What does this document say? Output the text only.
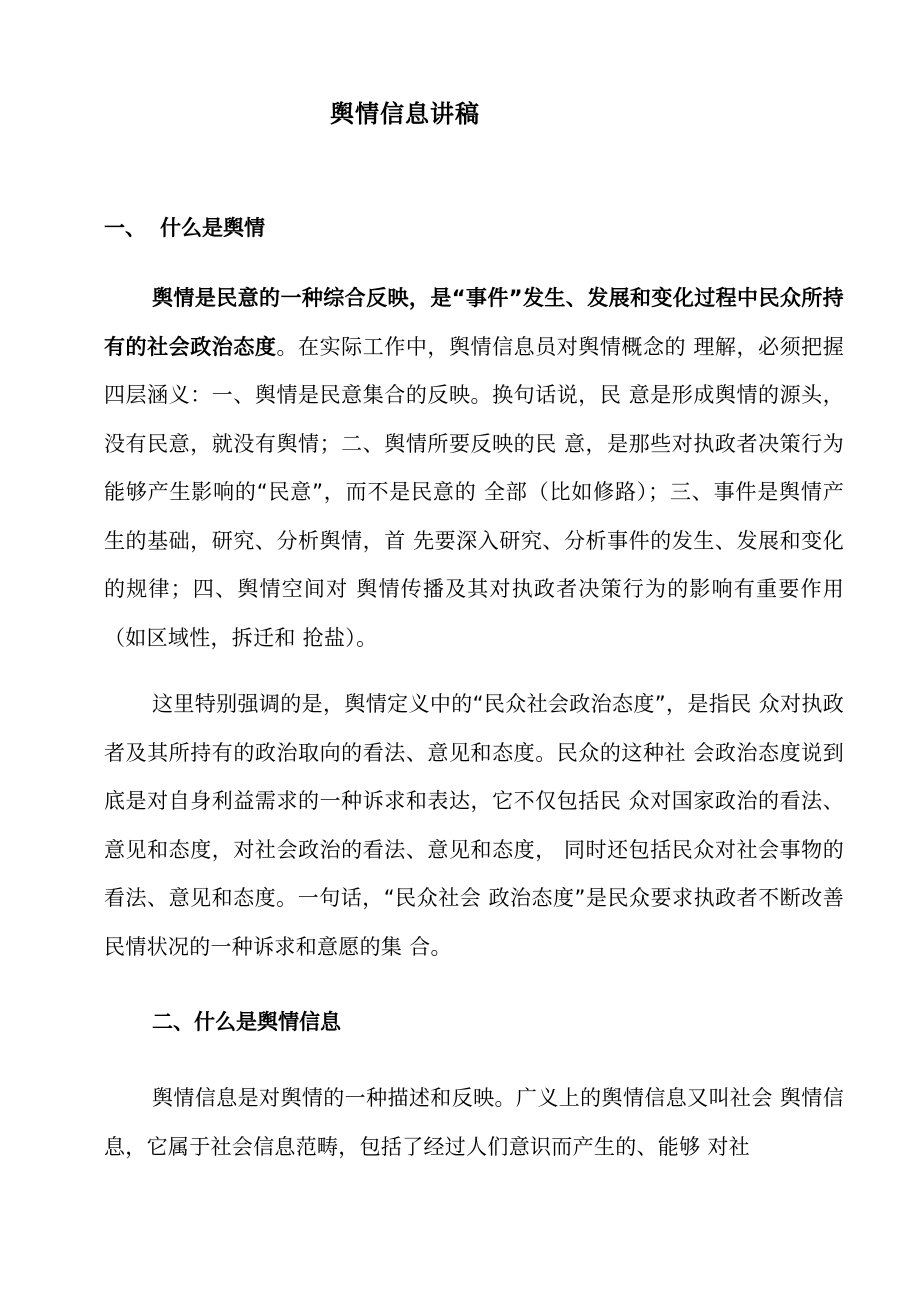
舆情信息讲稿
一、 什么是舆情
舆情是民意的一种综合反映，是“事件”发生、发展和变化过程中民众所持有的社会政治态度。在实际工作中，舆情信息员对舆情概念的 理解，必须把握四层涵义：一、舆情是民意集合的反映。换句话说，民 意是形成舆情的源头，没有民意，就没有舆情；二、舆情所要反映的民 意，是那些对执政者决策行为能够产生影响的“民意”，而不是民意的 全部（比如修路）；三、事件是舆情产生的基础，研究、分析舆情，首 先要深入研究、分析事件的发生、发展和变化的规律；四、舆情空间对 舆情传播及其对执政者决策行为的影响有重要作用（如区域性，拆迁和 抢盐）。
这里特别强调的是，舆情定义中的“民众社会政治态度”，是指民 众对执政者及其所持有的政治取向的看法、意见和态度。民众的这种社 会政治态度说到底是对自身利益需求的一种诉求和表达，它不仅包括民 众对国家政治的看法、意见和态度，对社会政治的看法、意见和态度， 同时还包括民众对社会事物的看法、意见和态度。一句话，“民众社会 政治态度”是民众要求执政者不断改善民情状况的一种诉求和意愿的集 合。
二、什么是舆情信息
舆情信息是对舆情的一种描述和反映。广义上的舆情信息又叫社会 舆情信息，它属于社会信息范畴，包括了经过人们意识而产生的、能够 对社
